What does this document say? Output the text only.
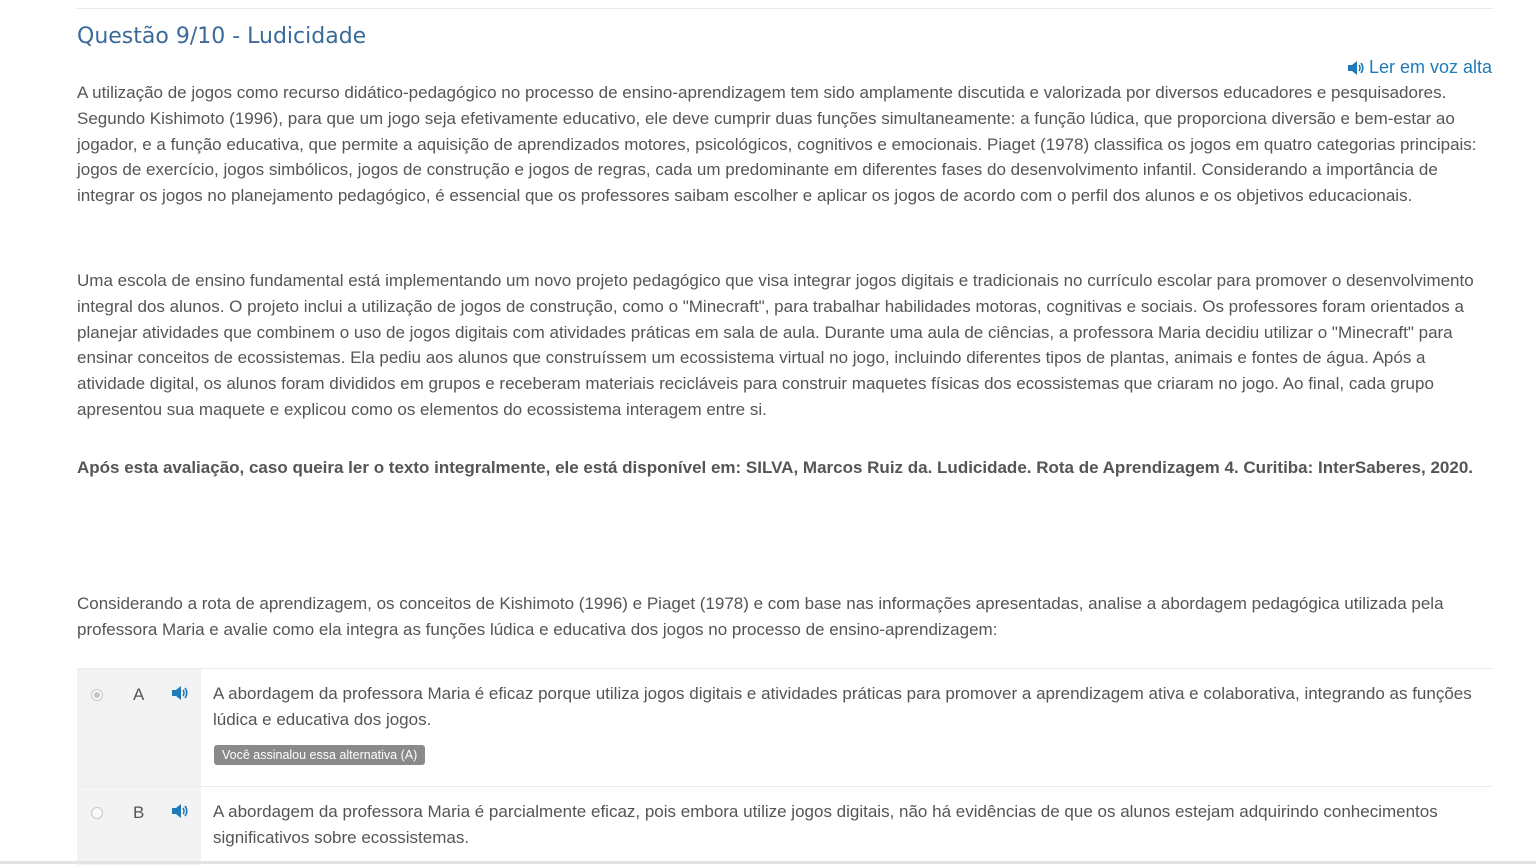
Questão 9/10 - Ludicidade
Ler em voz alta

A utilização de jogos como recurso didático-pedagógico no processo de ensino-aprendizagem tem sido amplamente discutida e valorizada por diversos educadores e pesquisadores. Segundo Kishimoto (1996), para que um jogo seja efetivamente educativo, ele deve cumprir duas funções simultaneamente: a função lúdica, que proporciona diversão e bem-estar ao jogador, e a função educativa, que permite a aquisição de aprendizados motores, psicológicos, cognitivos e emocionais. Piaget (1978) classifica os jogos em quatro categorias principais: jogos de exercício, jogos simbólicos, jogos de construção e jogos de regras, cada um predominante em diferentes fases do desenvolvimento infantil. Considerando a importância de integrar os jogos no planejamento pedagógico, é essencial que os professores saibam escolher e aplicar os jogos de acordo com o perfil dos alunos e os objetivos educacionais.

Uma escola de ensino fundamental está implementando um novo projeto pedagógico que visa integrar jogos digitais e tradicionais no currículo escolar para promover o desenvolvimento integral dos alunos. O projeto inclui a utilização de jogos de construção, como o "Minecraft", para trabalhar habilidades motoras, cognitivas e sociais. Os professores foram orientados a planejar atividades que combinem o uso de jogos digitais com atividades práticas em sala de aula. Durante uma aula de ciências, a professora Maria decidiu utilizar o "Minecraft" para ensinar conceitos de ecossistemas. Ela pediu aos alunos que construíssem um ecossistema virtual no jogo, incluindo diferentes tipos de plantas, animais e fontes de água. Após a atividade digital, os alunos foram divididos em grupos e receberam materiais recicláveis para construir maquetes físicas dos ecossistemas que criaram no jogo. Ao final, cada grupo apresentou sua maquete e explicou como os elementos do ecossistema interagem entre si.

Após esta avaliação, caso queira ler o texto integralmente, ele está disponível em: SILVA, Marcos Ruiz da. Ludicidade. Rota de Aprendizagem 4. Curitiba: InterSaberes, 2020.

Considerando a rota de aprendizagem, os conceitos de Kishimoto (1996) e Piaget (1978) e com base nas informações apresentadas, analise a abordagem pedagógica utilizada pela professora Maria e avalie como ela integra as funções lúdica e educativa dos jogos no processo de ensino-aprendizagem:

A	A abordagem da professora Maria é eficaz porque utiliza jogos digitais e atividades práticas para promover a aprendizagem ativa e colaborativa, integrando as funções lúdica e educativa dos jogos.
Você assinalou essa alternativa (A)
B	A abordagem da professora Maria é parcialmente eficaz, pois embora utilize jogos digitais, não há evidências de que os alunos estejam adquirindo conhecimentos significativos sobre ecossistemas.
